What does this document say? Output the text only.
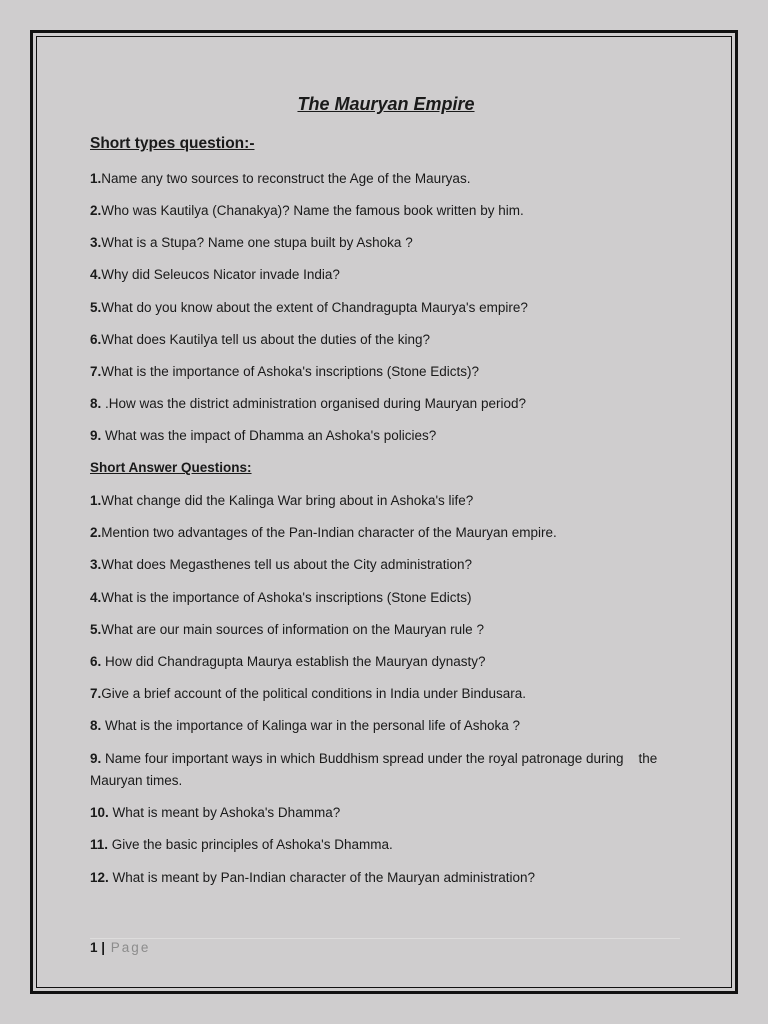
The Mauryan Empire
Short types question:-

1.Name any two sources to reconstruct the Age of the Mauryas.

2.Who was Kautilya (Chanakya)? Name the famous book written by him.

3.What is a Stupa? Name one stupa built by Ashoka ?

4.Why did Seleucos Nicator invade India?

5.What do you know about the extent of Chandragupta Maurya's empire?

6.What does Kautilya tell us about the duties of the king?

7.What is the importance of Ashoka's inscriptions (Stone Edicts)?

8. .How was the district administration organised during Mauryan period?

9. What was the impact of Dhamma an Ashoka's policies?

Short Answer Questions:

1.What change did the Kalinga War bring about in Ashoka's life?

2.Mention two advantages of the Pan-Indian character of the Mauryan empire.

3.What does Megasthenes tell us about the City administration?

4.What is the importance of Ashoka's inscriptions (Stone Edicts)

5.What are our main sources of information on the Mauryan rule ?

6. How did Chandragupta Maurya establish the Mauryan dynasty?

7.Give a brief account of the political conditions in India under Bindusara.

8. What is the importance of Kalinga war in the personal life of Ashoka ?

9. Name four important ways in which Buddhism spread under the royal patronage during    the Mauryan times.

10. What is meant by Ashoka's Dhamma?

11. Give the basic principles of Ashoka's Dhamma.

12. What is meant by Pan-Indian character of the Mauryan administration?

1 | Page
